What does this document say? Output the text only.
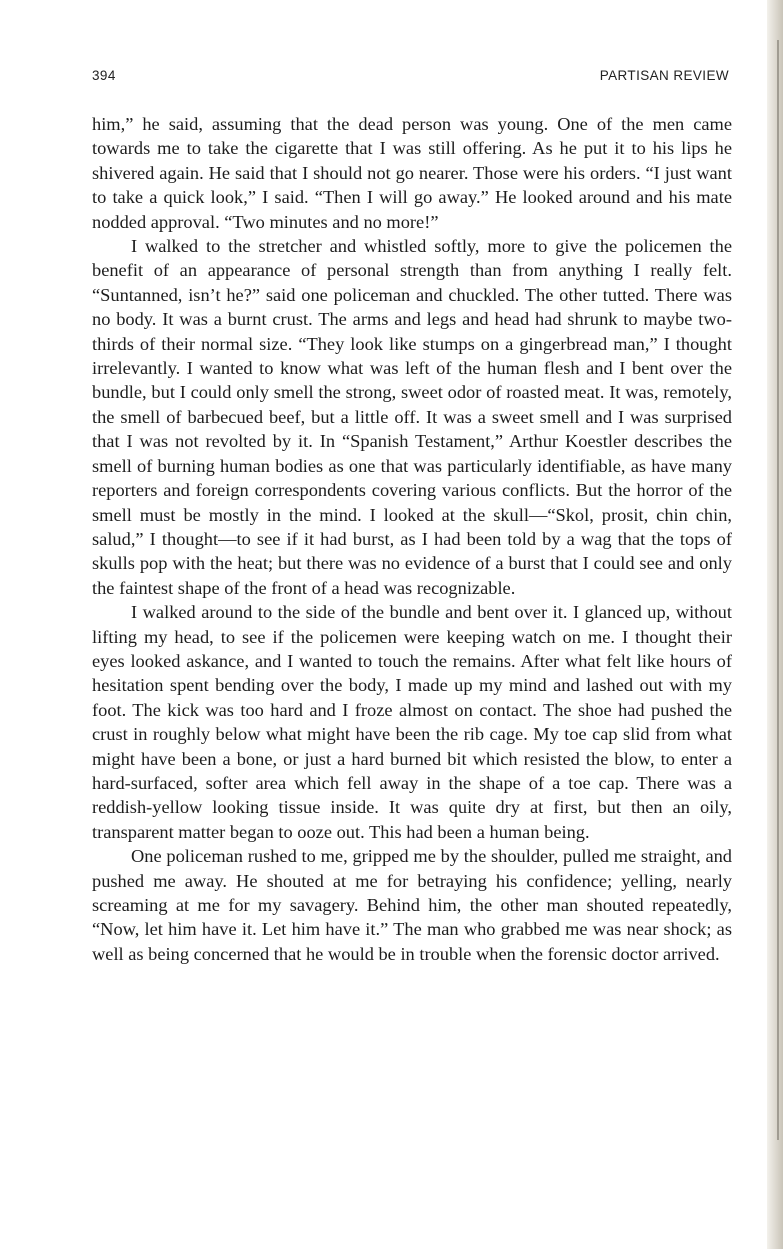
394	PARTISAN REVIEW

him,” he said, assuming that the dead person was young. One of the men came towards me to take the cigarette that I was still offering. As he put it to his lips he shivered again. He said that I should not go nearer. Those were his orders. “I just want to take a quick look,” I said. “Then I will go away.” He looked around and his mate nodded approval. “Two minutes and no more!”

I walked to the stretcher and whistled softly, more to give the policemen the benefit of an appearance of personal strength than from anything I really felt. “Suntanned, isn’t he?” said one policeman and chuckled. The other tutted. There was no body. It was a burnt crust. The arms and legs and head had shrunk to maybe two-thirds of their normal size. “They look like stumps on a gingerbread man,” I thought irrelevantly. I wanted to know what was left of the human flesh and I bent over the bundle, but I could only smell the strong, sweet odor of roasted meat. It was, remotely, the smell of barbecued beef, but a little off. It was a sweet smell and I was surprised that I was not revolted by it. In “Spanish Testament,” Arthur Koestler describes the smell of burning human bodies as one that was particularly identifiable, as have many reporters and foreign correspondents covering various conflicts. But the horror of the smell must be mostly in the mind. I looked at the skull—“Skol, prosit, chin chin, salud,” I thought—to see if it had burst, as I had been told by a wag that the tops of skulls pop with the heat; but there was no evidence of a burst that I could see and only the faintest shape of the front of a head was recognizable.

I walked around to the side of the bundle and bent over it. I glanced up, without lifting my head, to see if the policemen were keeping watch on me. I thought their eyes looked askance, and I wanted to touch the remains. After what felt like hours of hesitation spent bending over the body, I made up my mind and lashed out with my foot. The kick was too hard and I froze almost on contact. The shoe had pushed the crust in roughly below what might have been the rib cage. My toe cap slid from what might have been a bone, or just a hard burned bit which resisted the blow, to enter a hard-surfaced, softer area which fell away in the shape of a toe cap. There was a reddish-yellow looking tissue inside. It was quite dry at first, but then an oily, transparent matter began to ooze out. This had been a human being.

One policeman rushed to me, gripped me by the shoulder, pulled me straight, and pushed me away. He shouted at me for betraying his confidence; yelling, nearly screaming at me for my savagery. Behind him, the other man shouted repeatedly, “Now, let him have it. Let him have it.” The man who grabbed me was near shock; as well as being concerned that he would be in trouble when the forensic doctor arrived.
